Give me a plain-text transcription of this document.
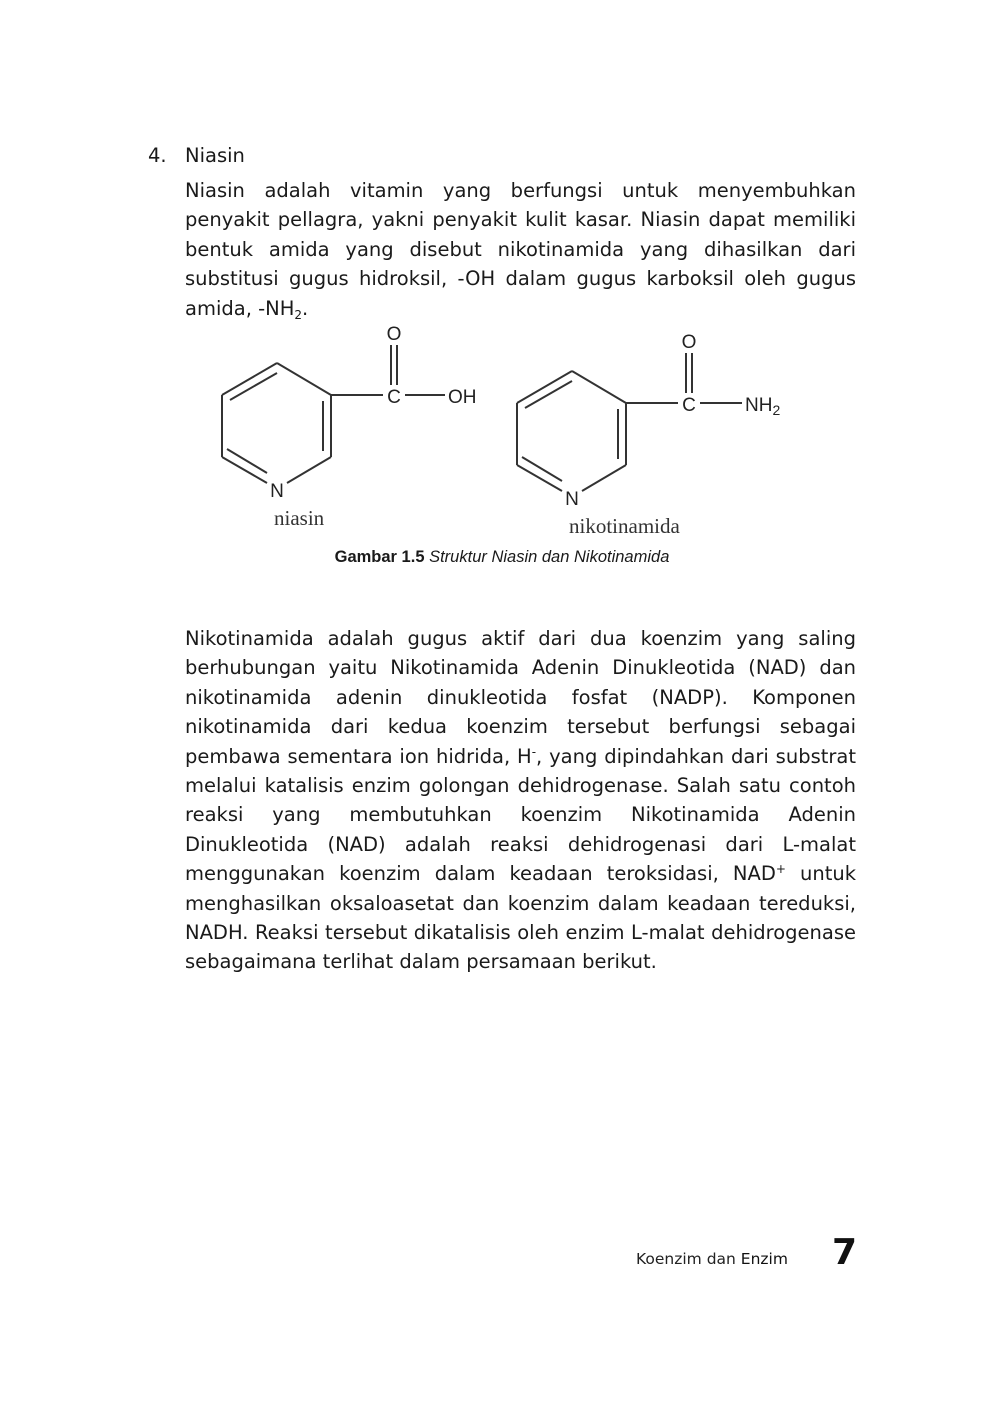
4. Niasin

Niasin adalah vitamin yang berfungsi untuk menyembuhkan penyakit pellagra, yakni penyakit kulit kasar. Niasin dapat memiliki bentuk amida yang disebut nikotinamida yang dihasilkan dari substitusi gugus hidroksil, -OH dalam gugus karboksil oleh gugus amida, $-NH_2$.

O
C OH
N
niasin
O
C	$NH_2$
N
nikotinamida
Gambar 1.5 Struktur Niasin dan Nikotinamida

Nikotinamida adalah gugus aktif dari dua koenzim yang saling berhubungan yaitu Nikotinamida Adenin Dinukleotida (NAD) dan nikotinamida adenin dinukleotida fosfat (NADP). Komponen nikotinamida dari kedua koenzim tersebut berfungsi sebagai pembawa sementara ion hidrida, H-, yang dipindahkan dari substrat melalui katalisis enzim golongan dehidrogenase. Salah satu contoh reaksi yang membutuhkan koenzim Nikotinamida Adenin Dinukleotida (NAD) adalah reaksi dehidrogenasi dari L-malat menggunakan koenzim dalam keadaan teroksidasi, NAD+ untuk menghasilkan oksaloasetat dan koenzim dalam keadaan tereduksi, NADH. Reaksi tersebut dikatalisis oleh enzim L-malat dehidrogenase sebagaimana terlihat dalam persamaan berikut.

Koenzim dan Enzim 7
